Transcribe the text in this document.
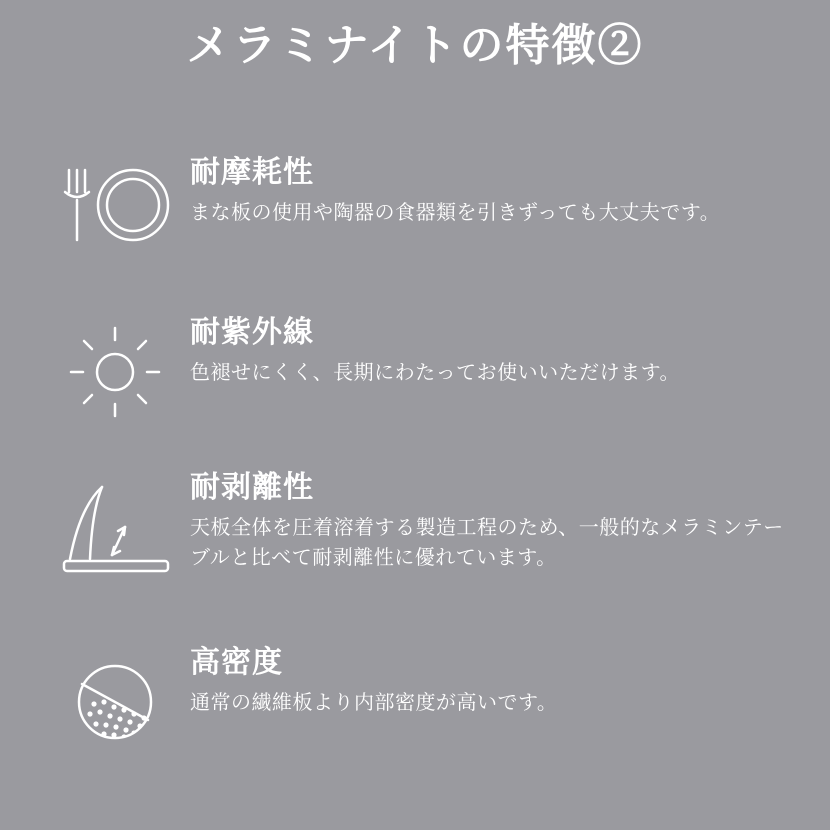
メラミナイトの特徴②

耐摩耗性

まな板の使用や陶器の食器類を引きずっても大丈夫です。

耐紫外線

色褪せにくく、長期にわたってお使いいただけます。

耐剥離性

天板全体を圧着溶着する製造工程のため、一般的なメラミンテーブルと比べて耐剥離性に優れています。

高密度

通常の繊維板より内部密度が高いです。
